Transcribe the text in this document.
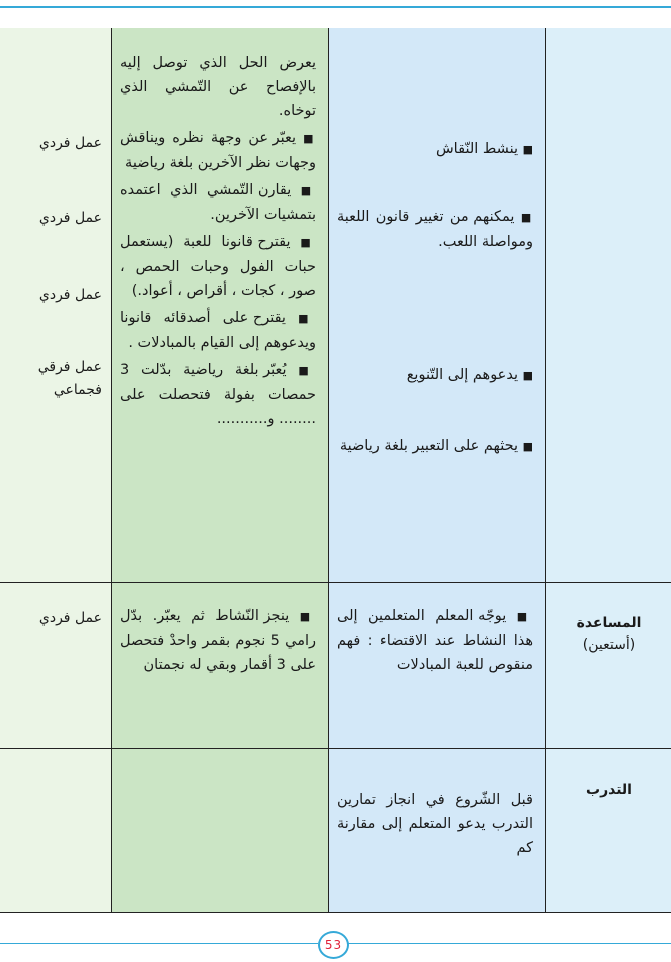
يعرض الحل الذي توصل إليه بالإفصاح عن التّمشي الذي توخاه.

■ يعبّر عن وجهة نظره ويناقش وجهات نظر الآخرين بلغة رياضية

■ يقارن التّمشي الذي اعتمده بتمشيات الآخرين.

■ يقترح قانونا للعبة (يستعمل حبات الفول وحبات الحمص ، صور ، كجات ، أقراص ، أعواد.)

■ يقترح على أصدقائه قانونا ويدعوهم إلى القيام بالمبادلات .

■ يُعبّر بلغة رياضية بدّلت 3 حمصات بفولة فتحصلت على ........ و...........

■ ينشط النّقاش
■ يمكنهم من تغيير قانون اللعبة ومواصلة اللعب.
■ يدعوهم إلى التّنويع
■ يحثهم على التعبير بلغة رياضية
عمل فردي
عمل فردي
عمل فردي
عمل فرقي فجماعي
المساعدة
(أستعين)
■ يوجّه المعلم المتعلمين إلى هذا النشاط عند الاقتضاء : فهم منقوص للعبة المبادلات
■ ينجز النّشاط ثم يعبّر. بدّل رامي 5 نجوم بقمر واحدْ فتحصل على 3 أقمار وبقي له نجمتان
عمل فردي
التدرب
قبل الشّروع في انجاز تمارين التدرب يدعو المتعلم إلى مقارنة كم
53
